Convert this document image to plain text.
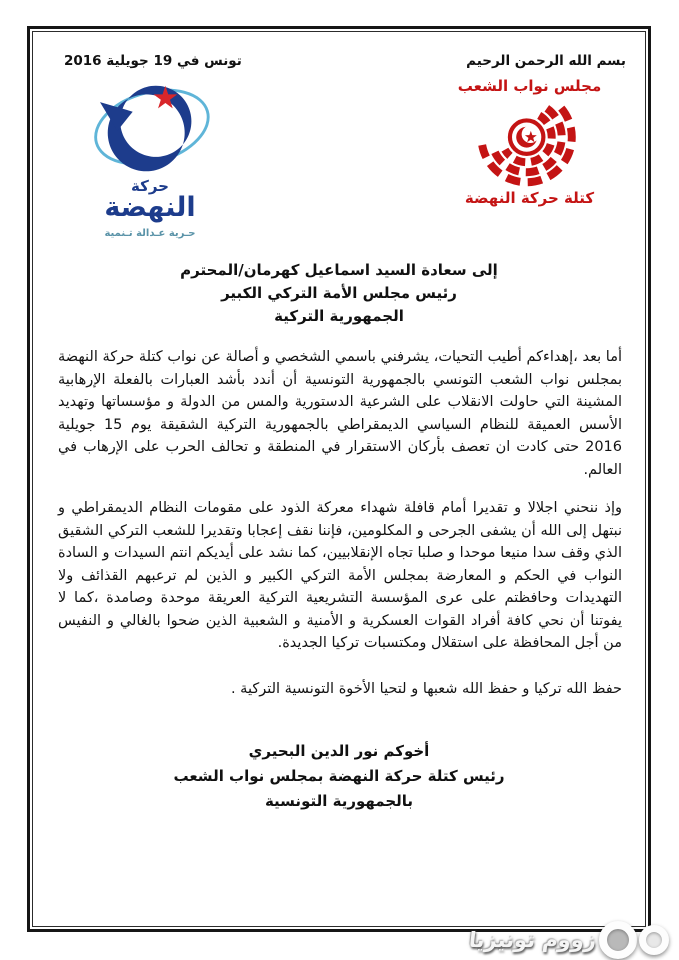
بسم الله الرحمن الرحيم
تونس في 19 جويلية 2016
مجلس نواب الشعب
كتلة حركة النهضة
حركة
النهضة
حـرية عـدالة تـنمية
إلى سعادة السيد اسماعيل كهرمان/المحترم
رئيس مجلس الأمة التركي الكبير
الجمهورية التركية

أما بعد ،إهداءكم أطيب التحيات، يشرفني باسمي الشخصي و أصالة عن نواب كتلة حركة النهضة بمجلس نواب الشعب التونسي بالجمهورية التونسية أن أندد بأشد العبارات بالفعلة الإرهابية المشينة التي حاولت الانقلاب على الشرعية الدستورية والمس من الدولة و مؤسساتها وتهديد الأسس العميقة للنظام السياسي الديمقراطي بالجمهورية التركية الشقيقة يوم 15 جويلية 2016 حتى كادت ان تعصف بأركان الاستقرار في المنطقة و تحالف الحرب على الإرهاب في العالم.

وإذ ننحني اجلالا و تقديرا أمام قافلة شهداء معركة الذود على مقومات النظام الديمقراطي و نبتهل إلى الله أن يشفى الجرحى و المكلومين، فإننا نقف إعجابا وتقديرا للشعب التركي الشقيق الذي وقف سدا منيعا موحدا و صلبا تجاه الإنقلابيين، كما نشد على أيديكم انتم السيدات و السادة النواب في الحكم و المعارضة بمجلس الأمة التركي الكبير و الذين لم ترعبهم القذائف ولا التهديدات وحافظتم على عرى المؤسسة التشريعية التركية العريقة موحدة وصامدة ،كما لا يفوتنا أن نحي كافة أفراد القوات العسكرية و الأمنية و الشعبية الذين ضحوا بالغالي و النفيس من أجل المحافظة على استقلال ومكتسبات تركيا الجديدة.

حفظ الله تركيا و حفظ الله شعبها و لتحيا الأخوة التونسية التركية .
أخوكم نور الدين البحيري
رئيس كتلة حركة النهضة بمجلس نواب الشعب
بالجمهورية التونسية
زووم تونيزيا
